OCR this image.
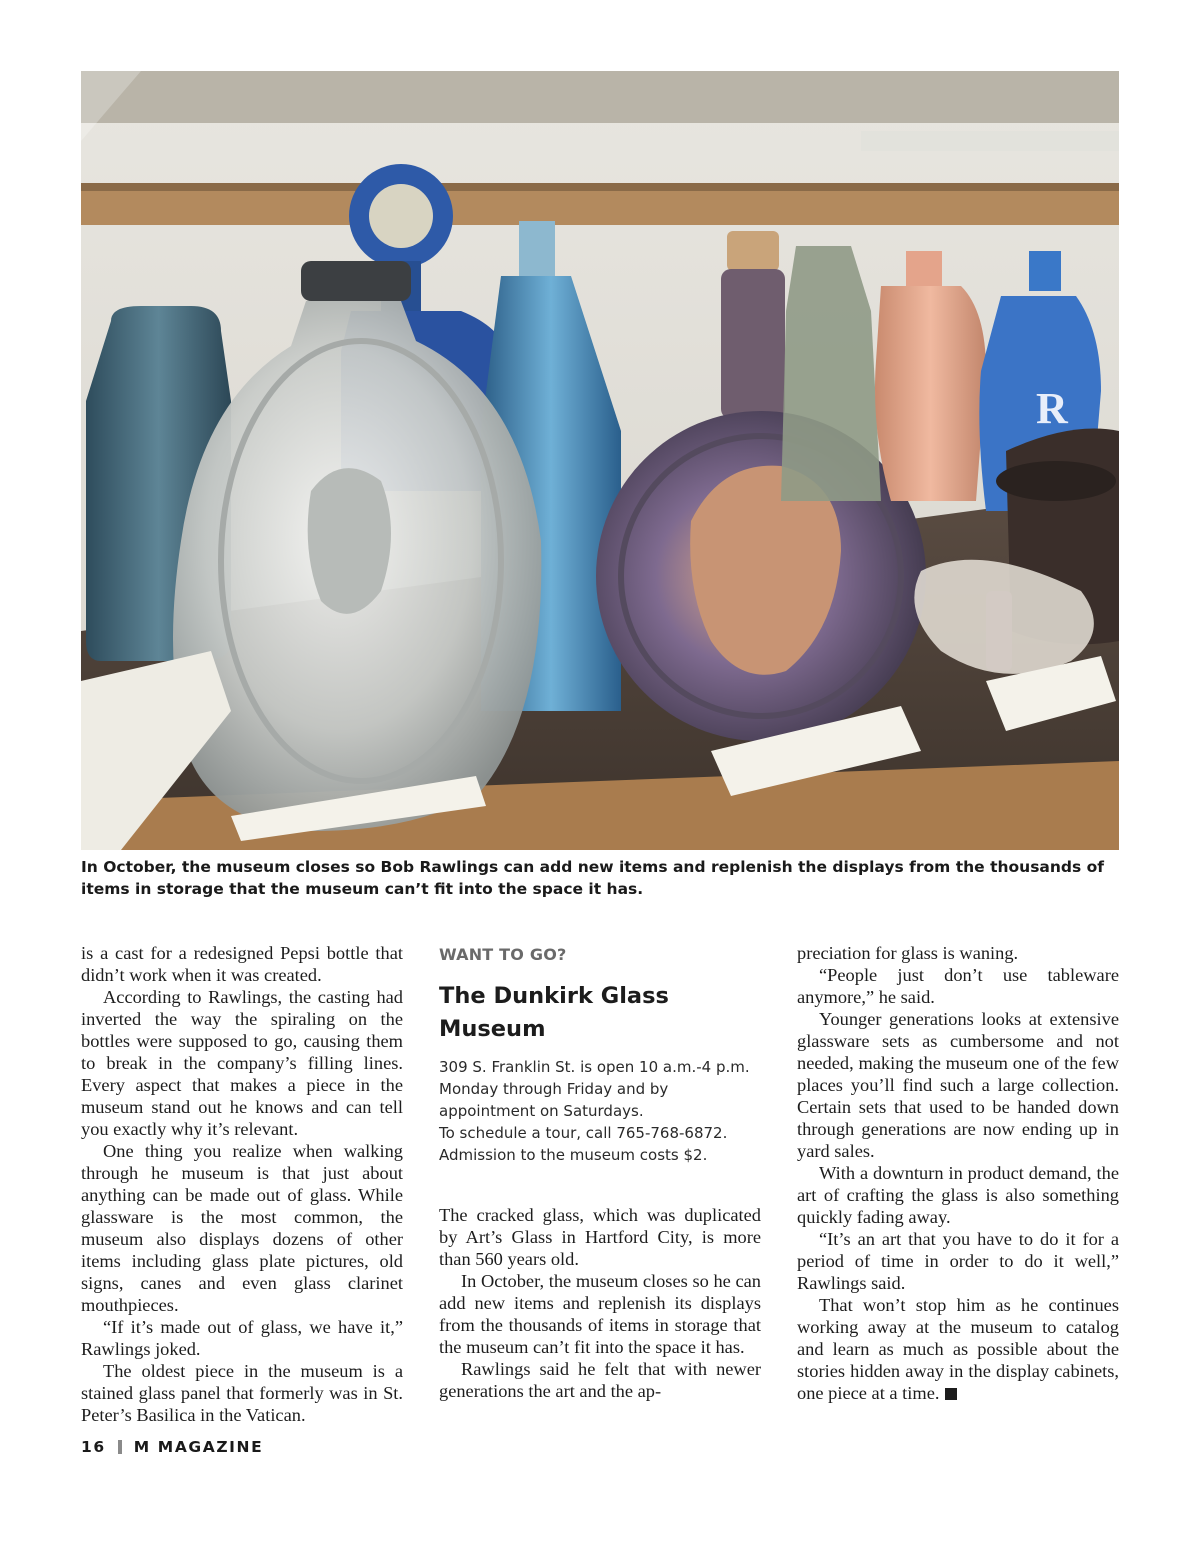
R
In October, the museum closes so Bob Rawlings can add new items and replenish the displays from the thousands of items in storage that the museum can’t fit into the space it has.

is a cast for a redesigned Pepsi bottle that didn’t work when it was created.

According to Rawlings, the casting had inverted the way the spiraling on the bottles were supposed to go, causing them to break in the company’s filling lines. Every aspect that makes a piece in the museum stand out he knows and can tell you exactly why it’s relevant.

One thing you realize when walking through he museum is that just about anything can be made out of glass. While glassware is the most common, the museum also displays dozens of other items including glass plate pictures, old signs, canes and even glass clarinet mouthpieces.

“If it’s made out of glass, we have it,” Rawlings joked.

The oldest piece in the museum is a stained glass panel that formerly was in St. Peter’s Basilica in the Vatican.

WANT TO GO?
The Dunkirk Glass Museum

309 S. Franklin St. is open 10 a.m.-4 p.m. Monday through Friday and by appointment on Saturdays.

To schedule a tour, call 765-768-6872. Admission to the museum costs $2.

The cracked glass, which was duplicated by Art’s Glass in Hartford City, is more than 560 years old.

In October, the museum closes so he can add new items and replenish its displays from the thousands of items in storage that the museum can’t fit into the space it has.

Rawlings said he felt that with newer generations the art and the ap-

preciation for glass is waning.

“People just don’t use tableware anymore,” he said.

Younger generations looks at extensive glassware sets as cumbersome and not needed, making the museum one of the few places you’ll find such a large collection. Certain sets that used to be handed down through generations are now ending up in yard sales.

With a downturn in product demand, the art of crafting the glass is also something quickly fading away.

“It’s an art that you have to do it for a period of time in order to do it well,” Rawlings said.

That won’t stop him as he continues working away at the museum to catalog and learn as much as possible about the stories hidden away in the display cabinets, one piece at a time.

16 M MAGAZINE
